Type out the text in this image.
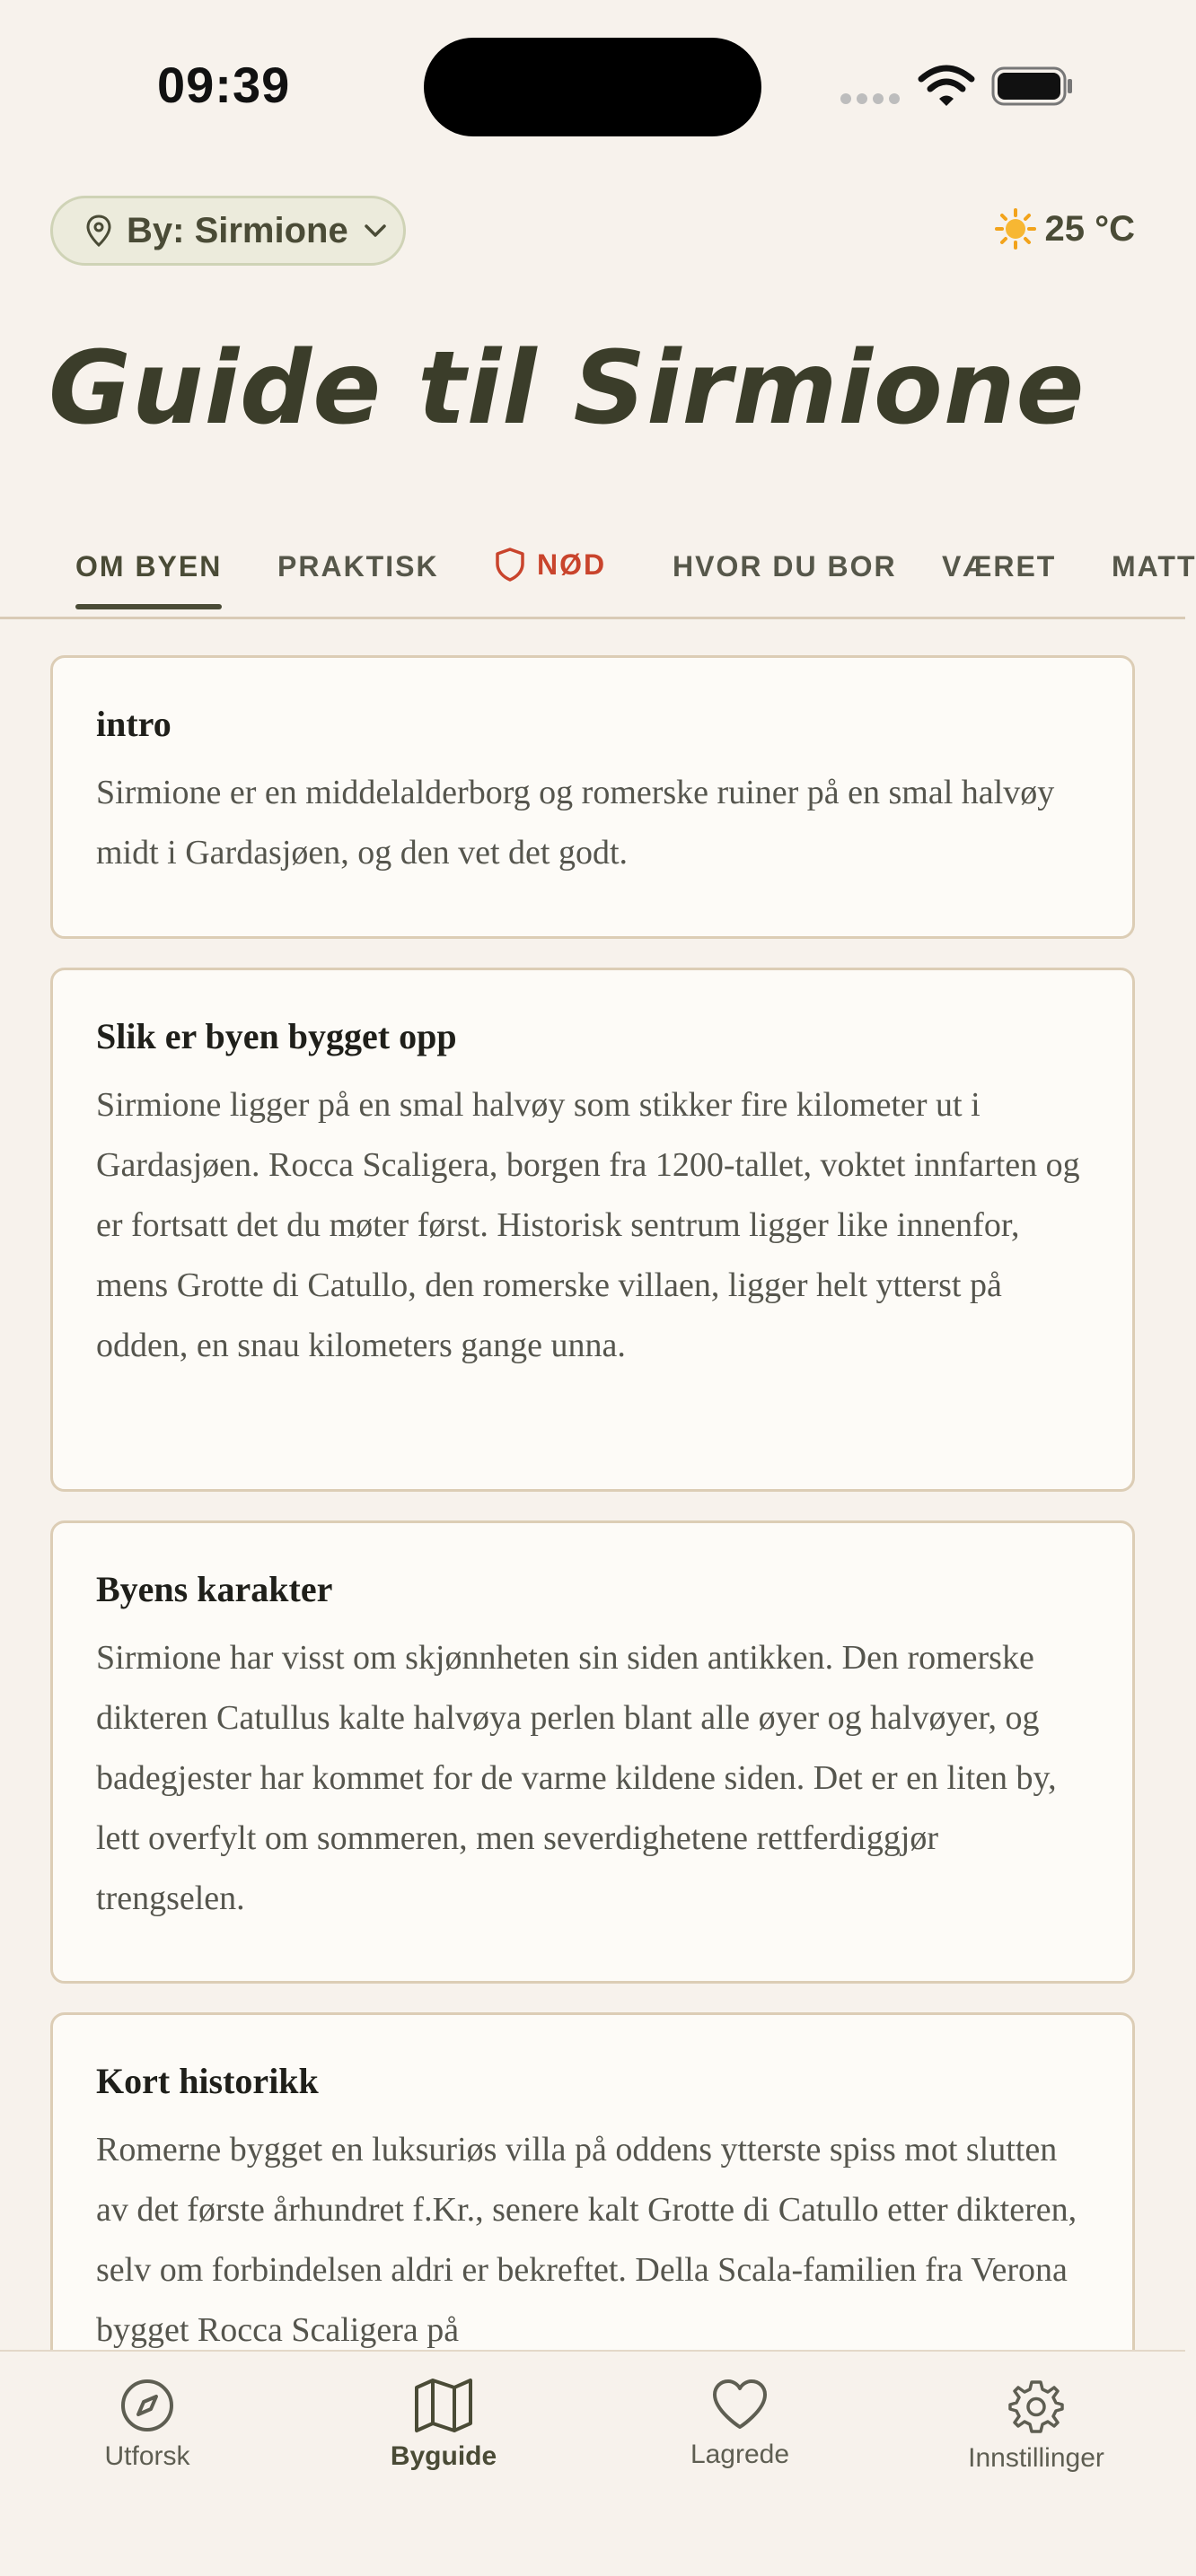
09:39
By: Sirmione	25 °C
Guide til Sirmione
OM BYEN PRAKTISK	NØD HVOR DU BOR VÆRET MATT
intro

Sirmione er en middelalderborg og romerske ruiner på en smal halvøy midt i Gardasjøen, og den vet det godt.

Slik er byen bygget opp

Sirmione ligger på en smal halvøy som stikker fire kilometer ut i Gardasjøen. Rocca Scaligera, borgen fra 1200-tallet, voktet innfarten og er fortsatt det du møter først. Historisk sentrum ligger like innenfor, mens Grotte di Catullo, den romerske villaen, ligger helt ytterst på odden, en snau kilometers gange unna.

Byens karakter

Sirmione har visst om skjønnheten sin siden antikken. Den romerske dikteren Catullus kalte halvøya perlen blant alle øyer og halvøyer, og badegjester har kommet for de varme kildene siden. Det er en liten by, lett overfylt om sommeren, men severdighetene rettferdiggjør trengselen.

Kort historikk

Romerne bygget en luksuriøs villa på oddens ytterste spiss mot slutten av det første århundret f.Kr., senere kalt Grotte di Catullo etter dikteren, selv om forbindelsen aldri er bekreftet. Della Scala-familien fra Verona bygget Rocca Scaligera på

Utforsk	Byguide	Lagrede	Innstillinger
